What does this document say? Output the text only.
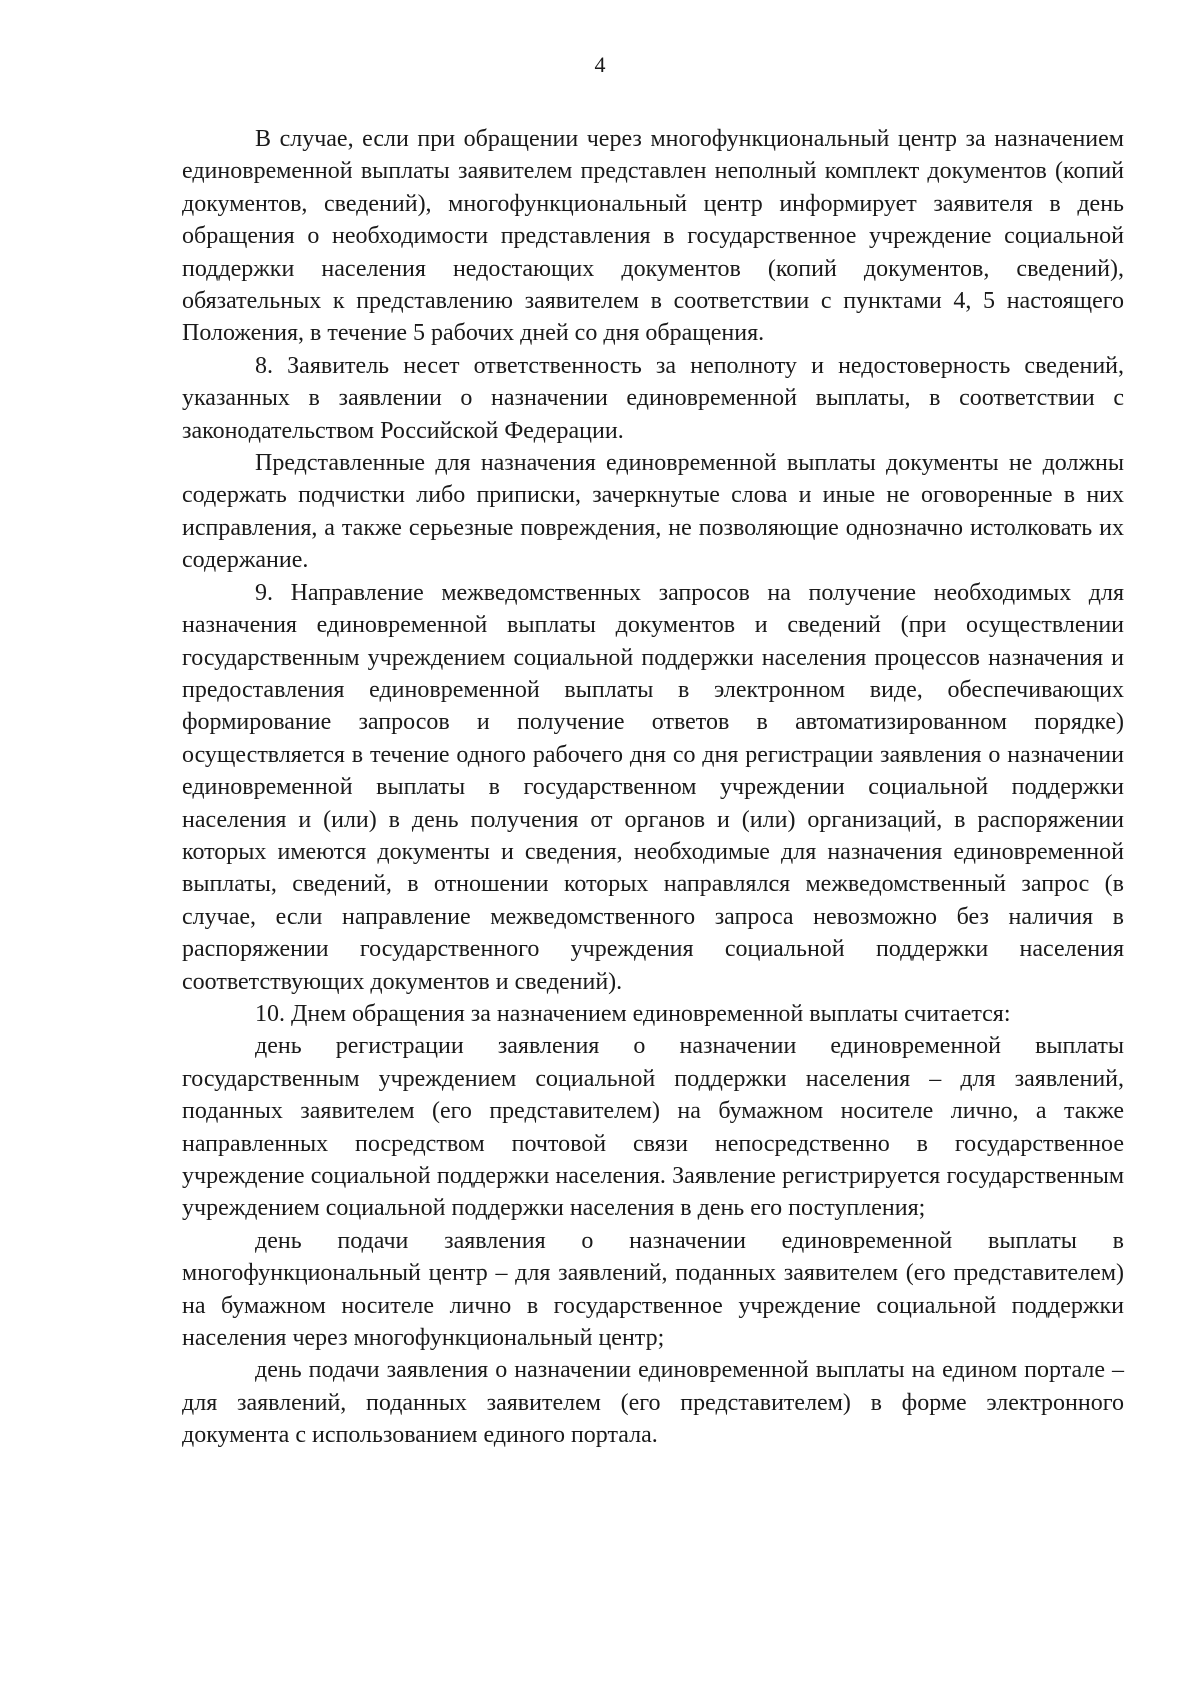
4

В случае, если при обращении через многофункциональный центр за назначением единовременной выплаты заявителем представлен неполный комплект документов (копий документов, сведений), многофункциональный центр информирует заявителя в день обращения о необходимости представления в государственное учреждение социальной поддержки населения недостающих документов (копий документов, сведений), обязательных к представлению заявителем в соответствии с пунктами 4, 5 настоящего Положения, в течение 5 рабочих дней со дня обращения.

8. Заявитель несет ответственность за неполноту и недостоверность сведений, указанных в заявлении о назначении единовременной выплаты, в соответствии с законодательством Российской Федерации.

Представленные для назначения единовременной выплаты документы не должны содержать подчистки либо приписки, зачеркнутые слова и иные не оговоренные в них исправления, а также серьезные повреждения, не позволяющие однозначно истолковать их содержание.

9. Направление межведомственных запросов на получение необходимых для назначения единовременной выплаты документов и сведений (при осуществлении государственным учреждением социальной поддержки населения процессов назначения и предоставления единовременной выплаты в электронном виде, обеспечивающих формирование запросов и получение ответов в автоматизированном порядке) осуществляется в течение одного рабочего дня со дня регистрации заявления о назначении единовременной выплаты в государственном учреждении социальной поддержки населения и (или) в день получения от органов и (или) организаций, в распоряжении которых имеются документы и сведения, необходимые для назначения единовременной выплаты, сведений, в отношении которых направлялся межведомственный запрос (в случае, если направление межведомственного запроса невозможно без наличия в распоряжении государственного учреждения социальной поддержки населения соответствующих документов и сведений).

10. Днем обращения за назначением единовременной выплаты считается:

день регистрации заявления о назначении единовременной выплаты государственным учреждением социальной поддержки населения – для заявлений, поданных заявителем (его представителем) на бумажном носителе лично, а также направленных посредством почтовой связи непосредственно в государственное учреждение социальной поддержки населения. Заявление регистрируется государственным учреждением социальной поддержки населения в день его поступления;

день подачи заявления о назначении единовременной выплаты в многофункциональный центр – для заявлений, поданных заявителем (его представителем) на бумажном носителе лично в государственное учреждение социальной поддержки населения через многофункциональный центр;

день подачи заявления о назначении единовременной выплаты на едином портале – для заявлений, поданных заявителем (его представителем) в форме электронного документа с использованием единого портала.
